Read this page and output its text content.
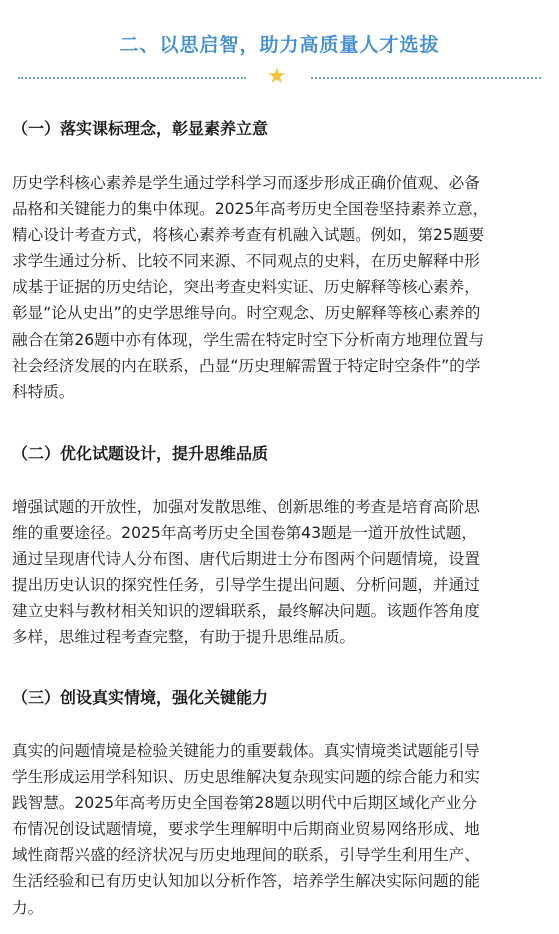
二、以思启智，助力高质量人才选拔
★
（一）落实课标理念，彰显素养立意
历史学科核心素养是学生通过学科学习而逐步形成正确价值观、必备
品格和关键能力的集中体现。2025年高考历史全国卷坚持素养立意，
精心设计考查方式，将核心素养考查有机融入试题。例如，第25题要
求学生通过分析、比较不同来源、不同观点的史料，在历史解释中形
成基于证据的历史结论，突出考查史料实证、历史解释等核心素养，
彰显“论从史出”的史学思维导向。时空观念、历史解释等核心素养的
融合在第26题中亦有体现，学生需在特定时空下分析南方地理位置与
社会经济发展的内在联系，凸显“历史理解需置于特定时空条件”的学
科特质。
（二）优化试题设计，提升思维品质
增强试题的开放性，加强对发散思维、创新思维的考查是培育高阶思
维的重要途径。2025年高考历史全国卷第43题是一道开放性试题，
通过呈现唐代诗人分布图、唐代后期进士分布图两个问题情境，设置
提出历史认识的探究性任务，引导学生提出问题、分析问题，并通过
建立史料与教材相关知识的逻辑联系，最终解决问题。该题作答角度
多样，思维过程考查完整，有助于提升思维品质。
（三）创设真实情境，强化关键能力
真实的问题情境是检验关键能力的重要载体。真实情境类试题能引导
学生形成运用学科知识、历史思维解决复杂现实问题的综合能力和实
践智慧。2025年高考历史全国卷第28题以明代中后期区域化产业分
布情况创设试题情境，要求学生理解明中后期商业贸易网络形成、地
域性商帮兴盛的经济状况与历史地理间的联系，引导学生利用生产、
生活经验和已有历史认知加以分析作答，培养学生解决实际问题的能
力。
